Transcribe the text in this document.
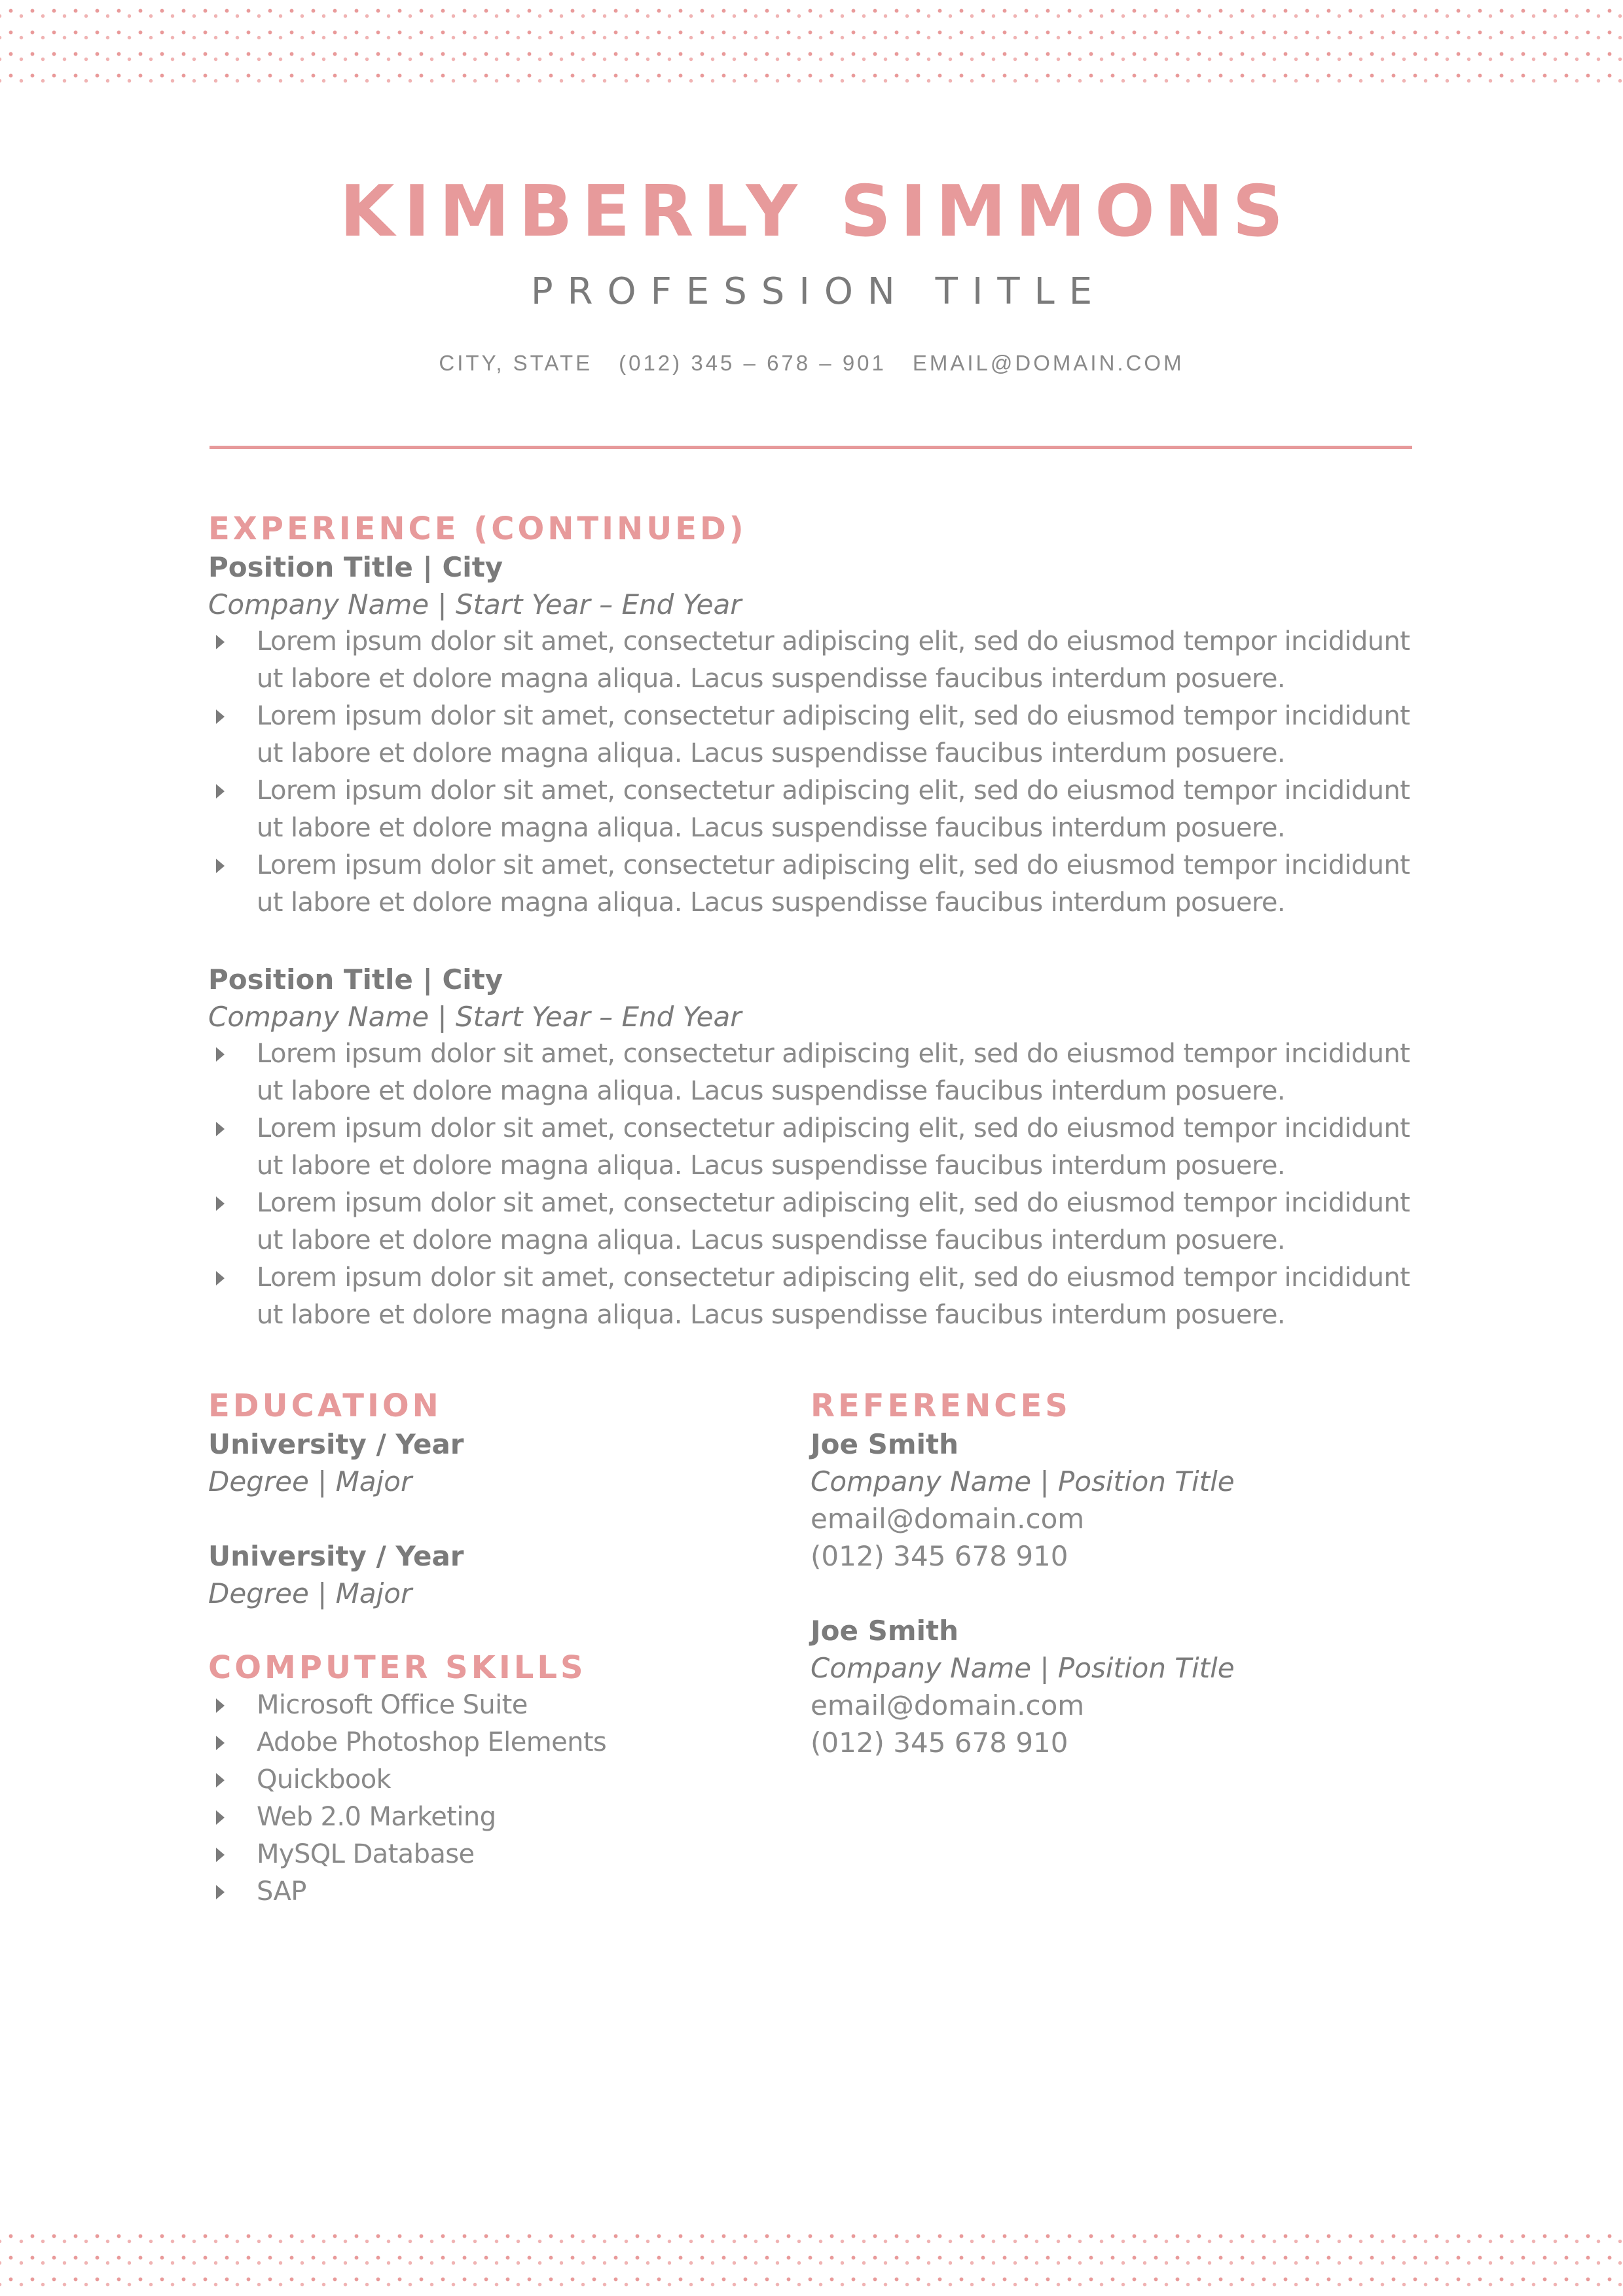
KIMBERLY SIMMONS
PROFESSION TITLE
CITY, STATE (012) 345 – 678 – 901 EMAIL@DOMAIN.COM
EXPERIENCE (CONTINUED)
Position Title | City
Company Name | Start Year – End Year
Lorem ipsum dolor sit amet, consectetur adipiscing elit, sed do eiusmod tempor incididunt ut labore et dolore magna aliqua. Lacus suspendisse faucibus interdum posuere.
Lorem ipsum dolor sit amet, consectetur adipiscing elit, sed do eiusmod tempor incididunt ut labore et dolore magna aliqua. Lacus suspendisse faucibus interdum posuere.
Lorem ipsum dolor sit amet, consectetur adipiscing elit, sed do eiusmod tempor incididunt ut labore et dolore magna aliqua. Lacus suspendisse faucibus interdum posuere.
Lorem ipsum dolor sit amet, consectetur adipiscing elit, sed do eiusmod tempor incididunt ut labore et dolore magna aliqua. Lacus suspendisse faucibus interdum posuere.
Position Title | City
Company Name | Start Year – End Year
Lorem ipsum dolor sit amet, consectetur adipiscing elit, sed do eiusmod tempor incididunt ut labore et dolore magna aliqua. Lacus suspendisse faucibus interdum posuere.
Lorem ipsum dolor sit amet, consectetur adipiscing elit, sed do eiusmod tempor incididunt ut labore et dolore magna aliqua. Lacus suspendisse faucibus interdum posuere.
Lorem ipsum dolor sit amet, consectetur adipiscing elit, sed do eiusmod tempor incididunt ut labore et dolore magna aliqua. Lacus suspendisse faucibus interdum posuere.
Lorem ipsum dolor sit amet, consectetur adipiscing elit, sed do eiusmod tempor incididunt ut labore et dolore magna aliqua. Lacus suspendisse faucibus interdum posuere.
EDUCATION
University / Year
Degree | Major
University / Year
Degree | Major
COMPUTER SKILLS
Microsoft Office Suite
Adobe Photoshop Elements
Quickbook
Web 2.0 Marketing
MySQL Database
SAP
REFERENCES
Joe Smith
Company Name | Position Title
email@domain.com
(012) 345 678 910
Joe Smith
Company Name | Position Title
email@domain.com
(012) 345 678 910
